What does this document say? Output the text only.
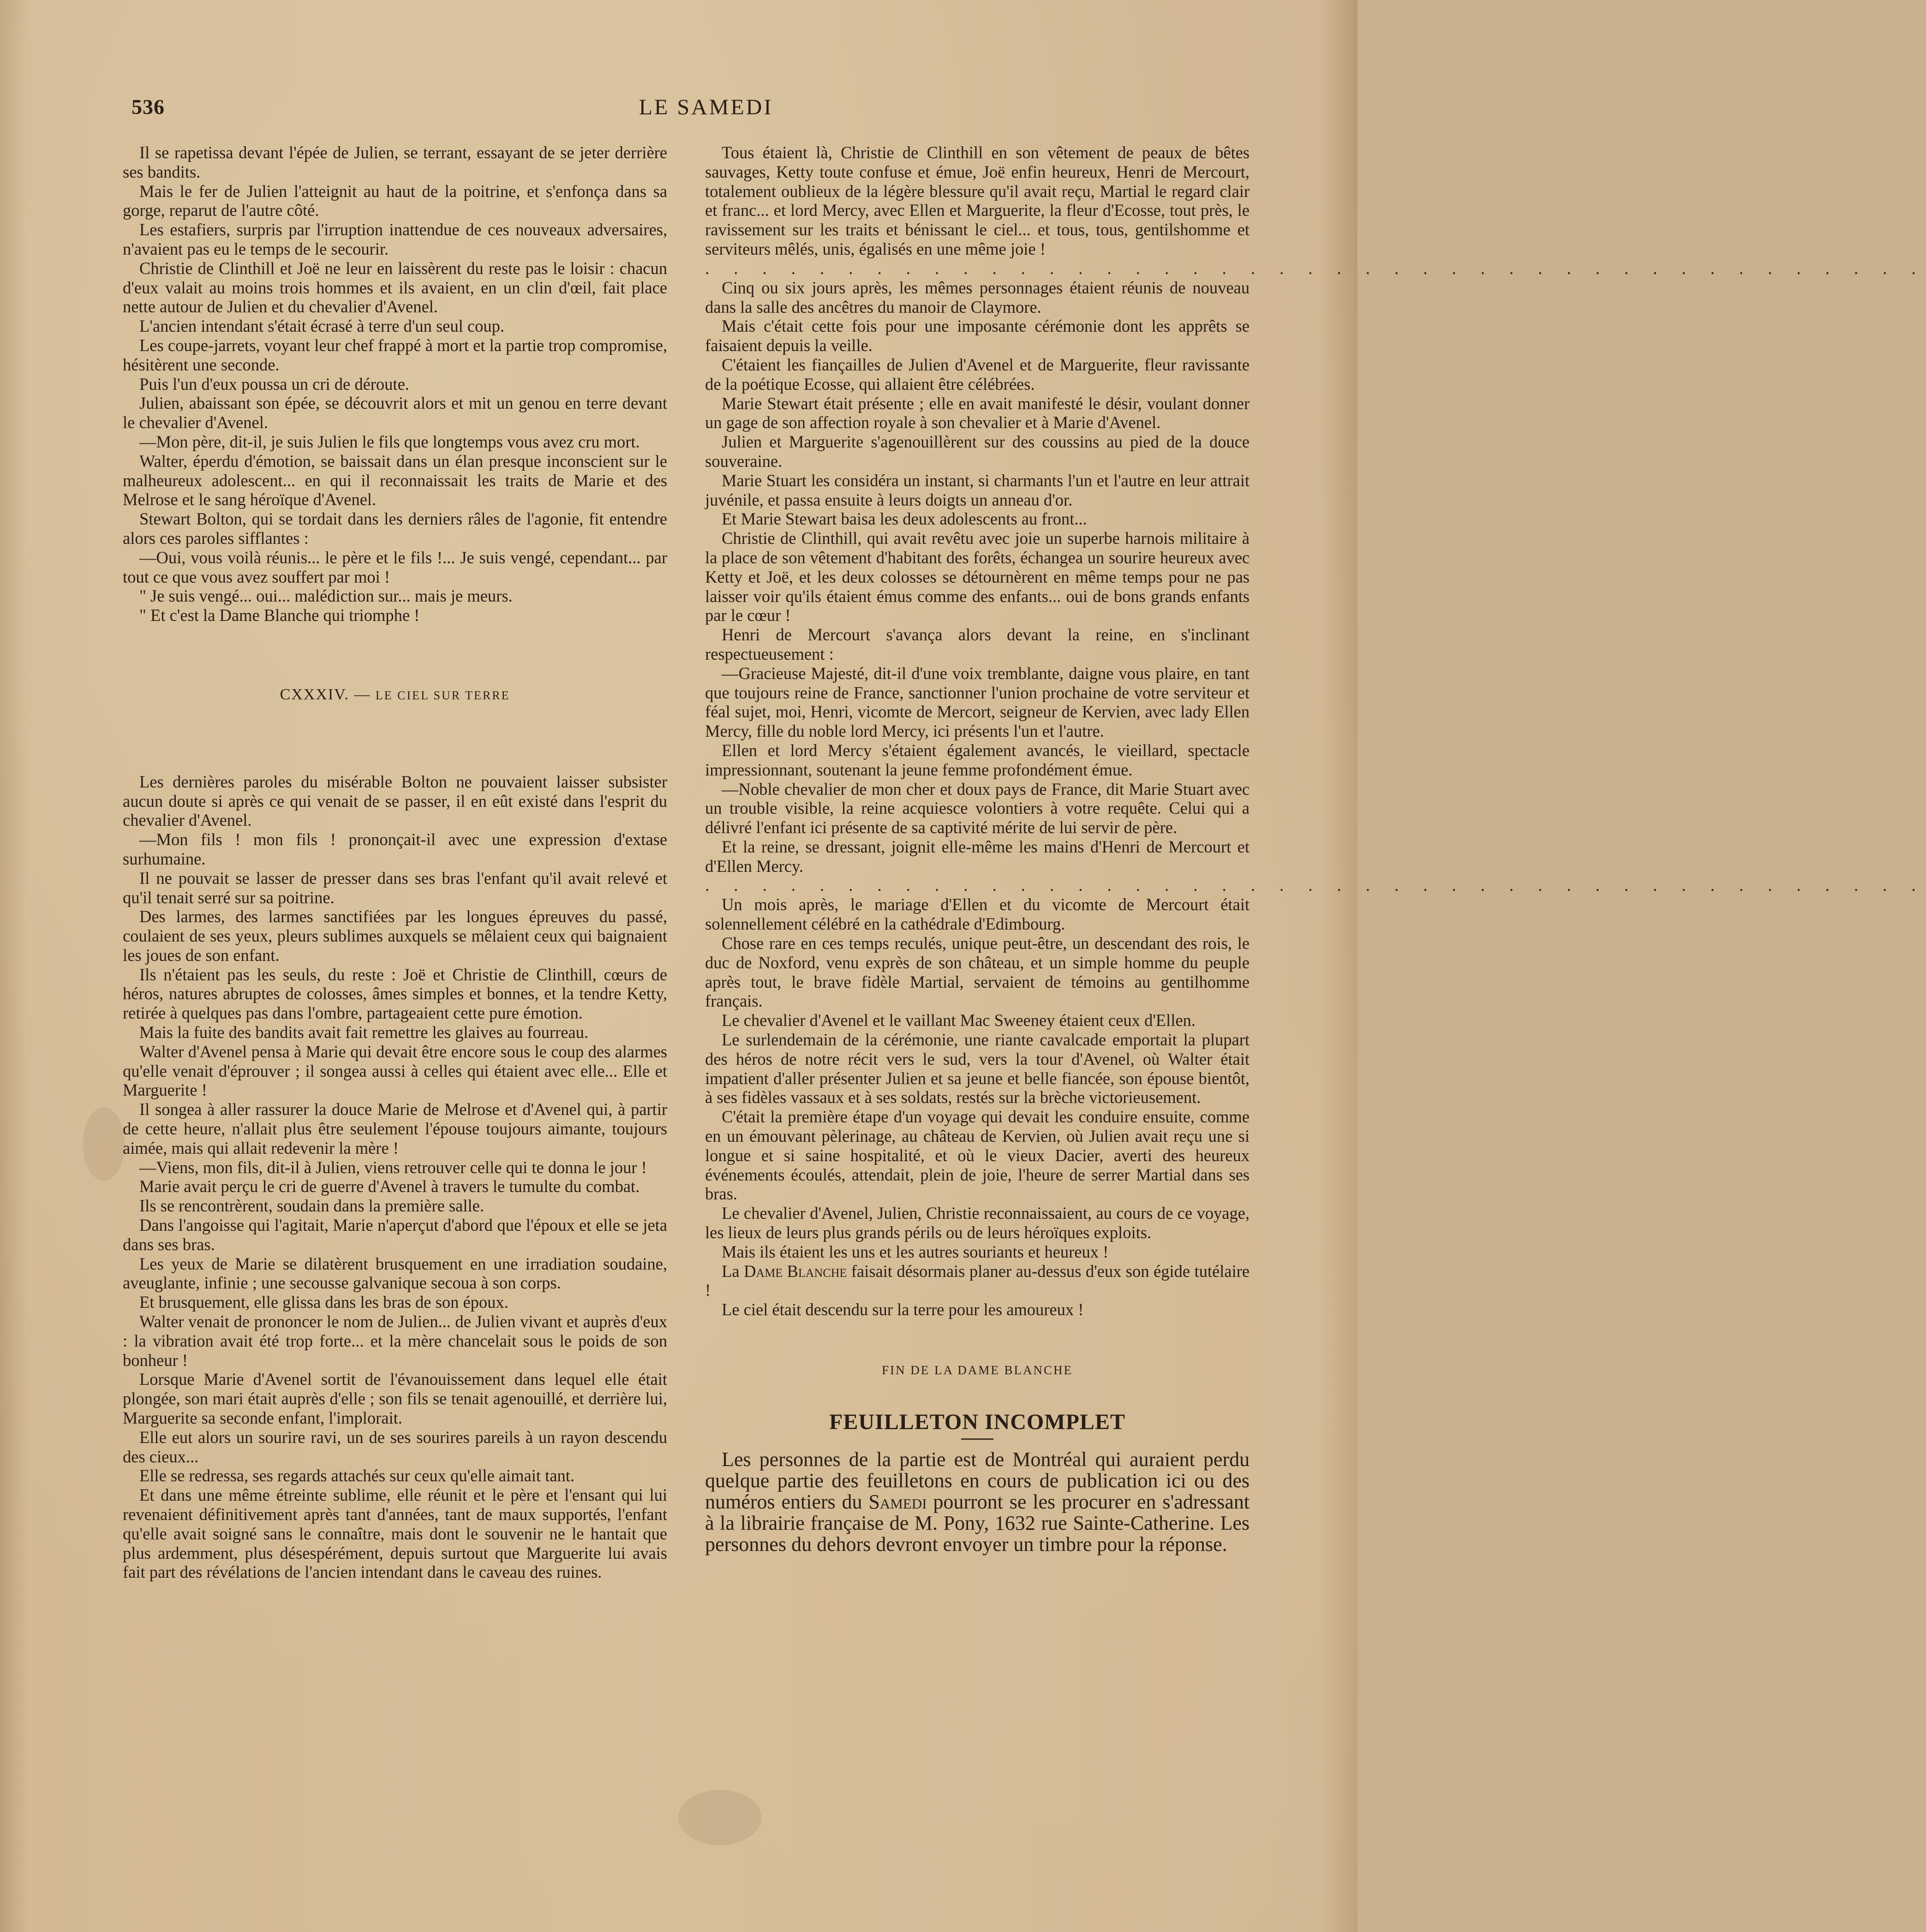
536	LE SAMEDI

Il se rapetissa devant l'épée de Julien, se terrant, essayant de se jeter derrière ses bandits.

Mais le fer de Julien l'atteignit au haut de la poitrine, et s'enfonça dans sa gorge, reparut de l'autre côté.

Les estafiers, surpris par l'irruption inattendue de ces nouveaux adversaires, n'avaient pas eu le temps de le secourir.

Christie de Clinthill et Joë ne leur en laissèrent du reste pas le loisir : chacun d'eux valait au moins trois hommes et ils avaient, en un clin d'œil, fait place nette autour de Julien et du chevalier d'Avenel.

L'ancien intendant s'était écrasé à terre d'un seul coup.

Les coupe-jarrets, voyant leur chef frappé à mort et la partie trop compromise, hésitèrent une seconde.

Puis l'un d'eux poussa un cri de déroute.

Julien, abaissant son épée, se découvrit alors et mit un genou en terre devant le chevalier d'Avenel.

—Mon père, dit-il, je suis Julien le fils que longtemps vous avez cru mort.

Walter, éperdu d'émotion, se baissait dans un élan presque inconscient sur le malheureux adolescent... en qui il reconnaissait les traits de Marie et des Melrose et le sang héroïque d'Avenel.

Stewart Bolton, qui se tordait dans les derniers râles de l'agonie, fit entendre alors ces paroles sifflantes :

—Oui, vous voilà réunis... le père et le fils !... Je suis vengé, cependant... par tout ce que vous avez souffert par moi !

" Je suis vengé... oui... malédiction sur... mais je meurs.

" Et c'est la Dame Blanche qui triomphe !

CXXXIV. — LE CIEL SUR TERRE

Les dernières paroles du misérable Bolton ne pouvaient laisser subsister aucun doute si après ce qui venait de se passer, il en eût existé dans l'esprit du chevalier d'Avenel.

—Mon fils ! mon fils ! prononçait-il avec une expression d'extase surhumaine.

Il ne pouvait se lasser de presser dans ses bras l'enfant qu'il avait relevé et qu'il tenait serré sur sa poitrine.

Des larmes, des larmes sanctifiées par les longues épreuves du passé, coulaient de ses yeux, pleurs sublimes auxquels se mêlaient ceux qui baignaient les joues de son enfant.

Ils n'étaient pas les seuls, du reste : Joë et Christie de Clinthill, cœurs de héros, natures abruptes de colosses, âmes simples et bonnes, et la tendre Ketty, retirée à quelques pas dans l'ombre, partageaient cette pure émotion.

Mais la fuite des bandits avait fait remettre les glaives au fourreau.

Walter d'Avenel pensa à Marie qui devait être encore sous le coup des alarmes qu'elle venait d'éprouver ; il songea aussi à celles qui étaient avec elle... Elle et Marguerite !

Il songea à aller rassurer la douce Marie de Melrose et d'Avenel qui, à partir de cette heure, n'allait plus être seulement l'épouse toujours aimante, toujours aimée, mais qui allait redevenir la mère !

—Viens, mon fils, dit-il à Julien, viens retrouver celle qui te donna le jour !

Marie avait perçu le cri de guerre d'Avenel à travers le tumulte du combat.

Ils se rencontrèrent, soudain dans la première salle.

Dans l'angoisse qui l'agitait, Marie n'aperçut d'abord que l'époux et elle se jeta dans ses bras.

Les yeux de Marie se dilatèrent brusquement en une irradiation soudaine, aveuglante, infinie ; une secousse galvanique secoua à son corps.

Et brusquement, elle glissa dans les bras de son époux.

Walter venait de prononcer le nom de Julien... de Julien vivant et auprès d'eux : la vibration avait été trop forte... et la mère chancelait sous le poids de son bonheur !

Lorsque Marie d'Avenel sortit de l'évanouissement dans lequel elle était plongée, son mari était auprès d'elle ; son fils se tenait agenouillé, et derrière lui, Marguerite sa seconde enfant, l'implorait.

Elle eut alors un sourire ravi, un de ses sourires pareils à un rayon descendu des cieux...

Elle se redressa, ses regards attachés sur ceux qu'elle aimait tant.

Et dans une même étreinte sublime, elle réunit et le père et l'ensant qui lui revenaient définitivement après tant d'années, tant de maux supportés, l'enfant qu'elle avait soigné sans le connaître, mais dont le souvenir ne le hantait que plus ardemment, plus désespérément, depuis surtout que Marguerite lui avais fait part des révélations de l'ancien intendant dans le caveau des ruines.

Tous étaient là, Christie de Clinthill en son vêtement de peaux de bêtes sauvages, Ketty toute confuse et émue, Joë enfin heureux, Henri de Mercourt, totalement oublieux de la légère blessure qu'il avait reçu, Martial le regard clair et franc... et lord Mercy, avec Ellen et Marguerite, la fleur d'Ecosse, tout près, le ravissement sur les traits et bénissant le ciel... et tous, tous, gentilshomme et serviteurs mêlés, unis, égalisés en une même joie !

. . . . . . . . . . . . . . . . . . . . . . . . . . . . . . . . . . . . . . . . . . .

Cinq ou six jours après, les mêmes personnages étaient réunis de nouveau dans la salle des ancêtres du manoir de Claymore.

Mais c'était cette fois pour une imposante cérémonie dont les apprêts se faisaient depuis la veille.

C'étaient les fiançailles de Julien d'Avenel et de Marguerite, fleur ravissante de la poétique Ecosse, qui allaient être célébrées.

Marie Stewart était présente ; elle en avait manifesté le désir, voulant donner un gage de son affection royale à son chevalier et à Marie d'Avenel.

Julien et Marguerite s'agenouillèrent sur des coussins au pied de la douce souveraine.

Marie Stuart les considéra un instant, si charmants l'un et l'autre en leur attrait juvénile, et passa ensuite à leurs doigts un anneau d'or.

Et Marie Stewart baisa les deux adolescents au front...

Christie de Clinthill, qui avait revêtu avec joie un superbe harnois militaire à la place de son vêtement d'habitant des forêts, échangea un sourire heureux avec Ketty et Joë, et les deux colosses se détournèrent en même temps pour ne pas laisser voir qu'ils étaient émus comme des enfants... oui de bons grands enfants par le cœur !

Henri de Mercourt s'avança alors devant la reine, en s'inclinant respectueusement :

—Gracieuse Majesté, dit-il d'une voix tremblante, daigne vous plaire, en tant que toujours reine de France, sanctionner l'union prochaine de votre serviteur et féal sujet, moi, Henri, vicomte de Mercort, seigneur de Kervien, avec lady Ellen Mercy, fille du noble lord Mercy, ici présents l'un et l'autre.

Ellen et lord Mercy s'étaient également avancés, le vieillard, spectacle impressionnant, soutenant la jeune femme profondément émue.

—Noble chevalier de mon cher et doux pays de France, dit Marie Stuart avec un trouble visible, la reine acquiesce volontiers à votre requête. Celui qui a délivré l'enfant ici présente de sa captivité mérite de lui servir de père.

Et la reine, se dressant, joignit elle-même les mains d'Henri de Mercourt et d'Ellen Mercy.

. . . . . . . . . . . . . . . . . . . . . . . . . . . . . . . . . . . . . . . . . . .

Un mois après, le mariage d'Ellen et du vicomte de Mercourt était solennellement célébré en la cathédrale d'Edimbourg.

Chose rare en ces temps reculés, unique peut-être, un descendant des rois, le duc de Noxford, venu exprès de son château, et un simple homme du peuple après tout, le brave fidèle Martial, servaient de témoins au gentilhomme français.

Le chevalier d'Avenel et le vaillant Mac Sweeney étaient ceux d'Ellen.

Le surlendemain de la cérémonie, une riante cavalcade emportait la plupart des héros de notre récit vers le sud, vers la tour d'Avenel, où Walter était impatient d'aller présenter Julien et sa jeune et belle fiancée, son épouse bientôt, à ses fidèles vassaux et à ses soldats, restés sur la brèche victorieusement.

C'était la première étape d'un voyage qui devait les conduire ensuite, comme en un émouvant pèlerinage, au château de Kervien, où Julien avait reçu une si longue et si saine hospitalité, et où le vieux Dacier, averti des heureux événements écoulés, attendait, plein de joie, l'heure de serrer Martial dans ses bras.

Le chevalier d'Avenel, Julien, Christie reconnaissaient, au cours de ce voyage, les lieux de leurs plus grands périls ou de leurs héroïques exploits.

Mais ils étaient les uns et les autres souriants et heureux !

La Dame Blanche faisait désormais planer au-dessus d'eux son égide tutélaire !

Le ciel était descendu sur la terre pour les amoureux !

FIN DE LA DAME BLANCHE
FEUILLETON INCOMPLET

Les personnes de la partie est de Montréal qui auraient perdu quelque partie des feuilletons en cours de publication ici ou des numéros entiers du Samedi pourront se les procurer en s'adressant à la librairie française de M. Pony, 1632 rue Sainte-Catherine. Les personnes du dehors devront envoyer un timbre pour la réponse.
